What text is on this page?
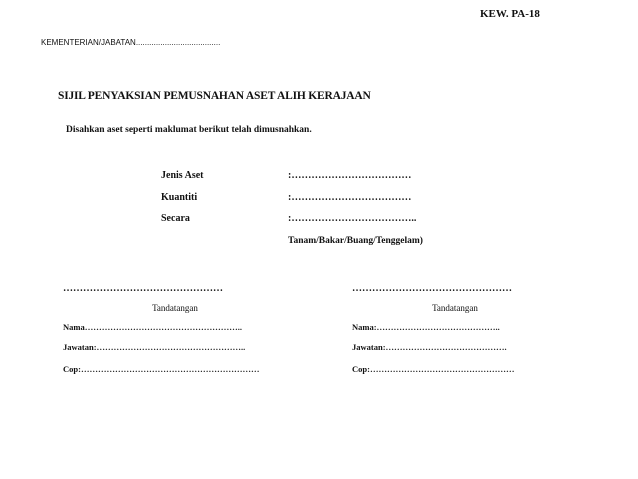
KEW. PA-18
KEMENTERIAN/JABATAN......................................
SIJIL PENYAKSIAN PEMUSNAHAN ASET ALIH KERAJAAN
Disahkan aset seperti maklumat berikut telah dimusnahkan.
Jenis Aset	:………………………………
Kuantiti	:………………………………
Secara	:………………………………..
Tanam/Bakar/Buang/Tenggelam)
…………………………………………
Tandatangan
Nama………………………………………………..
Jawatan:……………………………………………..
Cop:………………………………………………………
…………………………………………
Tandatangan
Nama:……………………………………..
Jawatan:…………………………………….
Cop:……………………………………………
